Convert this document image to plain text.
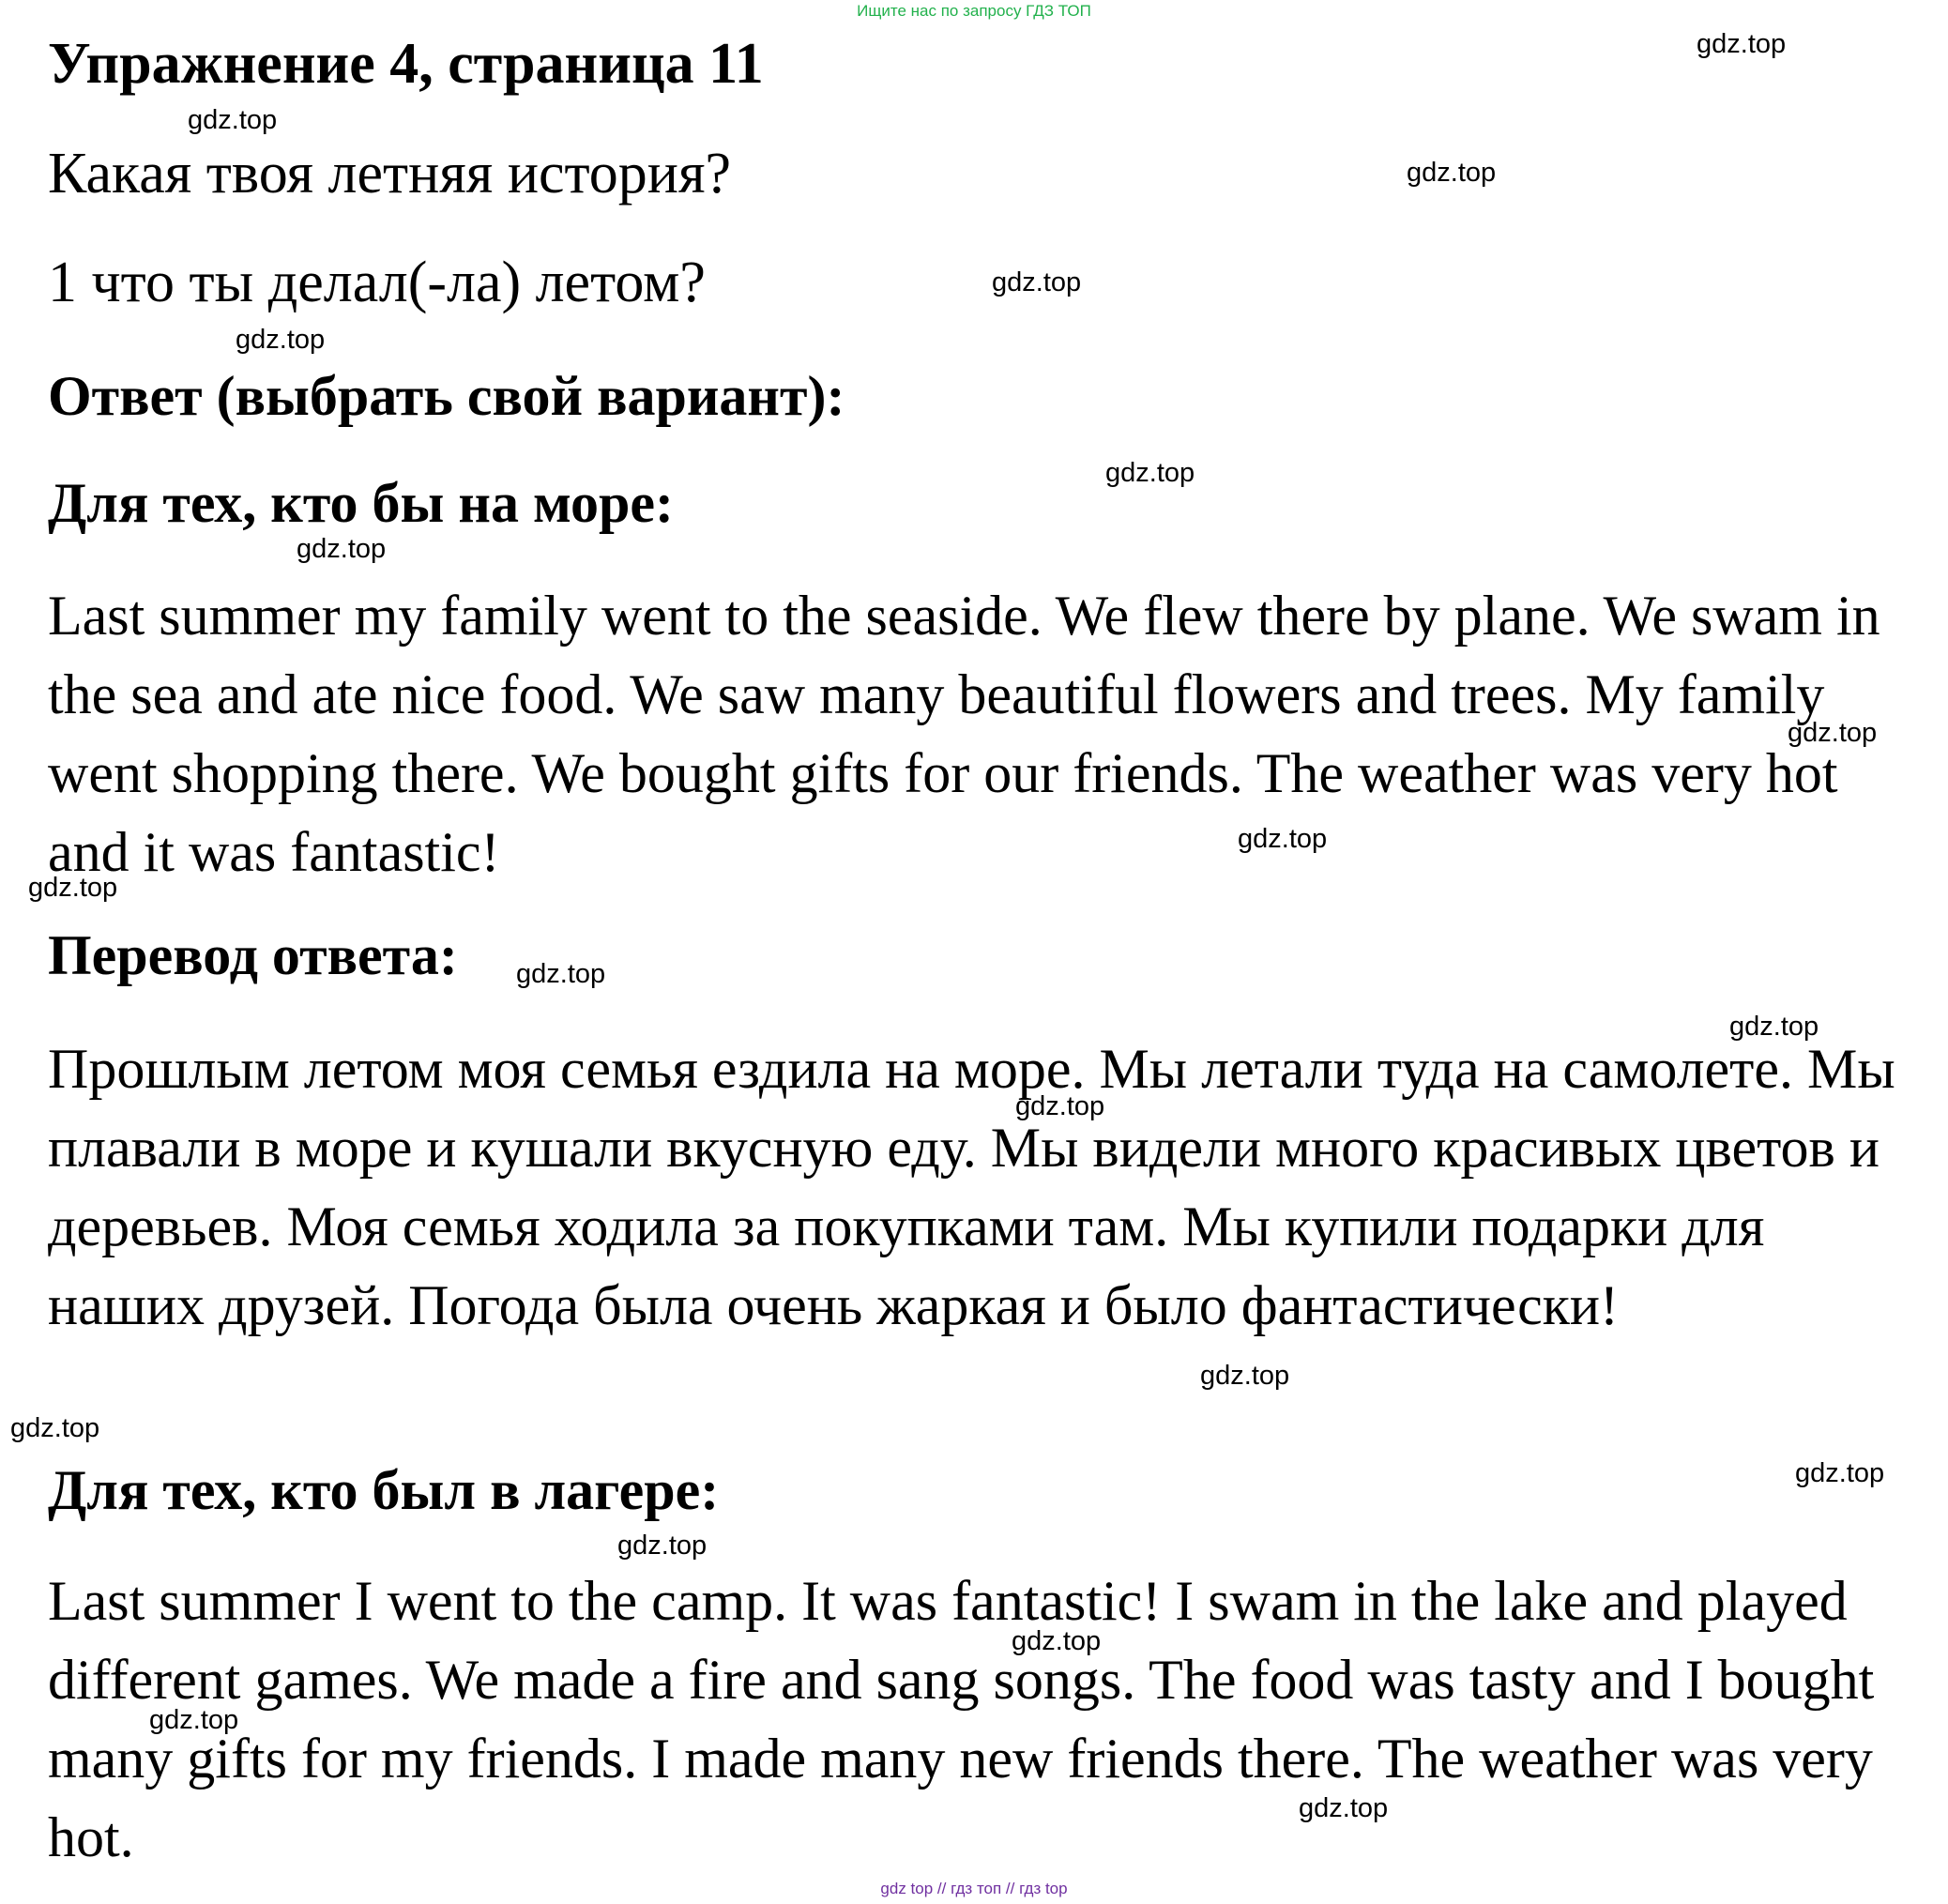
Ищите нас по запросу ГДЗ ТОП
Упражнение 4, страница 11

Какая твоя летняя история?

1 что ты делал(-ла) летом?

Ответ (выбрать свой вариант):

Для тех, кто бы на море:

Last summer my family went to the seaside. We flew there by plane. We swam in the sea and ate nice food. We saw many beautiful flowers and trees. My family went shopping there. We bought gifts for our friends. The weather was very hot and it was fantastic!

Перевод ответа:

Прошлым летом моя семья ездила на море. Мы летали туда на самолете. Мы плавали в море и кушали вкусную еду. Мы видели много красивых цветов и деревьев. Моя семья ходила за покупками там. Мы купили подарки для наших друзей. Погода была очень жаркая и было фантастически!

Для тех, кто был в лагере:

Last summer I went to the camp. It was fantastic! I swam in the lake and played different games. We made a fire and sang songs. The food was tasty and I bought many gifts for my friends. I made many new friends there. The weather was very hot.

gdz.top
gdz.top
gdz.top
gdz.top
gdz.top
gdz.top
gdz.top
gdz.top
gdz.top
gdz.top
gdz.top
gdz.top
gdz.top
gdz.top
gdz.top
gdz.top
gdz.top
gdz.top
gdz.top
gdz.top
gdz top // гдз топ // гдз top
